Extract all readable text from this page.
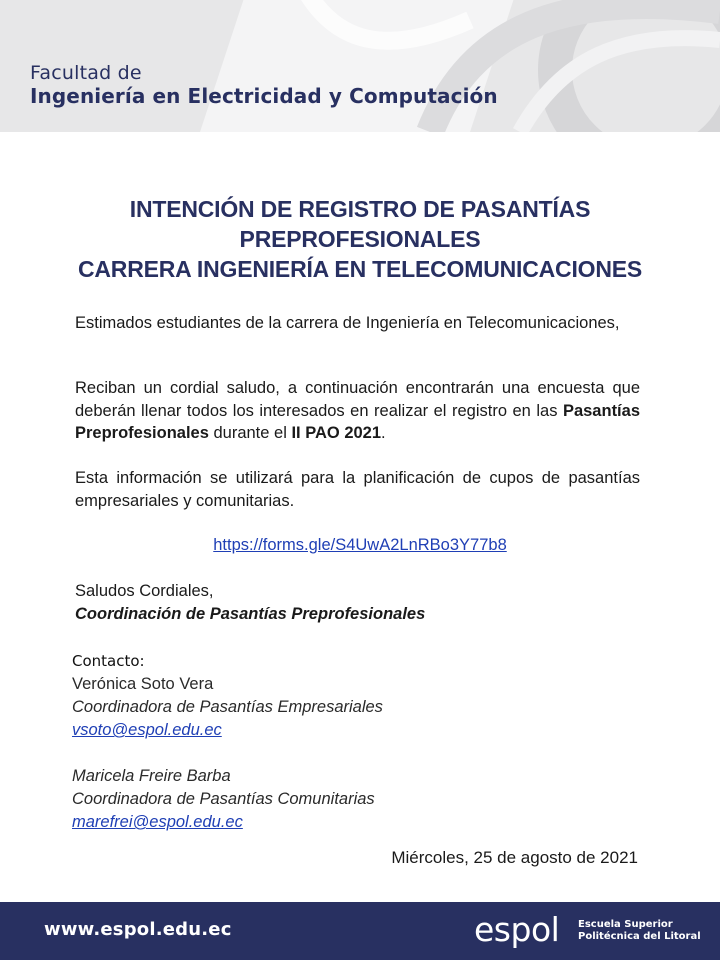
Facultad de
Ingeniería en Electricidad y Computación
INTENCIÓN DE REGISTRO DE PASANTÍAS
PREPROFESIONALES
CARRERA INGENIERÍA EN TELECOMUNICACIONES
Estimados estudiantes de la carrera de Ingeniería en Telecomunicaciones,
Reciban un cordial saludo, a continuación encontrarán una encuesta que deberán llenar todos los interesados en realizar el registro en las Pasantías Preprofesionales durante el II PAO 2021.
Esta información se utilizará para la planificación de cupos de pasantías empresariales y comunitarias.
https://forms.gle/S4UwA2LnRBo3Y77b8
Saludos Cordiales,
Coordinación de Pasantías Preprofesionales
Contacto:
Verónica Soto Vera
Coordinadora de Pasantías Empresariales
vsoto@espol.edu.ec
Maricela Freire Barba
Coordinadora de Pasantías Comunitarias
marefrei@espol.edu.ec
Miércoles, 25 de agosto de 2021
www.espol.edu.ec	espol Escuela Superior
Politécnica del Litoral
